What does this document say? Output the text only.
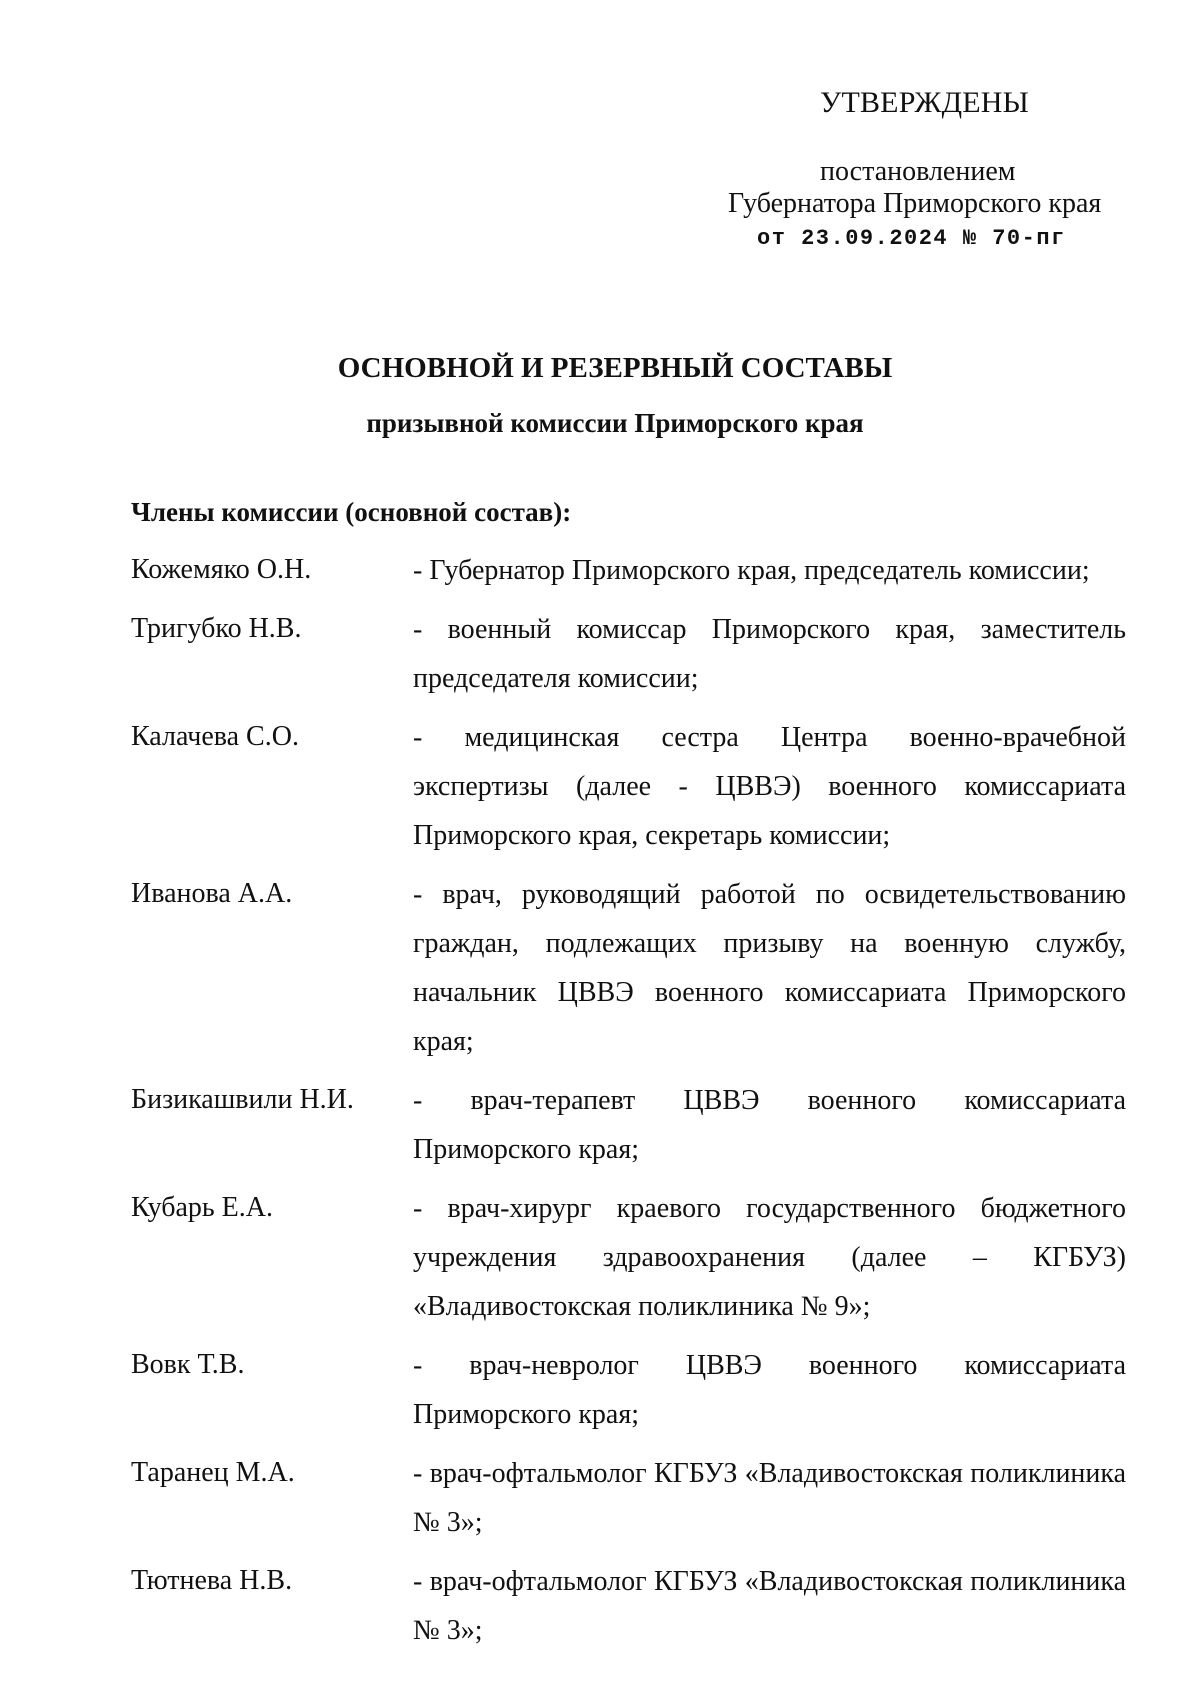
УТВЕРЖДЕНЫ
постановлением
Губернатора Приморского края
от 23.09.2024 № 70-пг
ОСНОВНОЙ И РЕЗЕРВНЫЙ СОСТАВЫ
призывной комиссии Приморского края
Члены комиссии (основной состав):
Кожемяко О.Н.	- Губернатор Приморского края, председатель комиссии;
Тригубко Н.В.	- военный комиссар Приморского края, заместитель председателя комиссии;
Калачева С.О.	- медицинская сестра Центра военно-врачебной экспертизы (далее - ЦВВЭ) военного комиссариата Приморского края, секретарь комиссии;
Иванова А.А.	- врач, руководящий работой по освидетельствованию граждан, подлежащих призыву на военную службу, начальник ЦВВЭ военного комиссариата Приморского края;
Бизикашвили Н.И.	- врач-терапевт ЦВВЭ военного комиссариата Приморского края;
Кубарь Е.А.	- врач-хирург краевого государственного бюджетного учреждения здравоохранения (далее – КГБУЗ) «Владивостокская поликлиника № 9»;
Вовк Т.В.	- врач-невролог ЦВВЭ военного комиссариата Приморского края;
Таранец М.А.	- врач-офтальмолог КГБУЗ «Владивостокская поликлиника № 3»;
Тютнева Н.В.	- врач-офтальмолог КГБУЗ «Владивостокская поликлиника № 3»;
